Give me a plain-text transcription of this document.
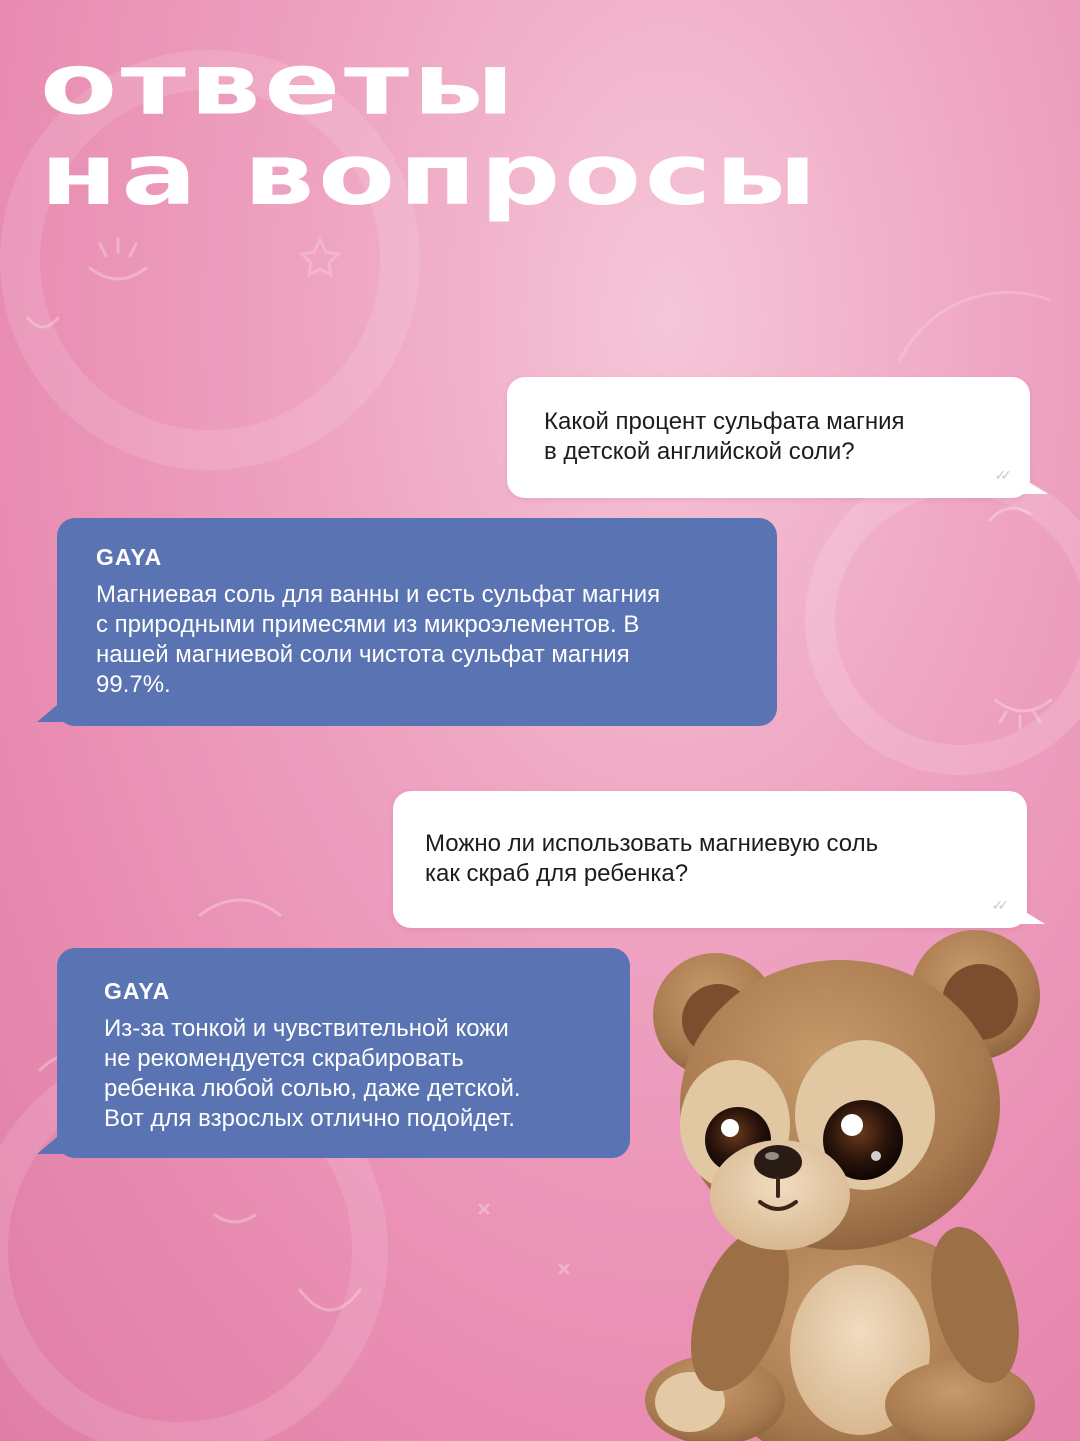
ответы
на вопросы
Какой процент сульфата магния
в детской английской соли?
✓✓
GAYA
Магниевая соль для ванны и есть сульфат магния
с природными примесями из микроэлементов. В
нашей магниевой соли чистота сульфат магния
99.7%.
Можно ли использовать магниевую соль
как скраб для ребенка?
✓✓
GAYA
Из-за тонкой и чувствительной кожи
не рекомендуется скрабировать
ребенка любой солью, даже детской.
Вот для взрослых отлично подойдет.
